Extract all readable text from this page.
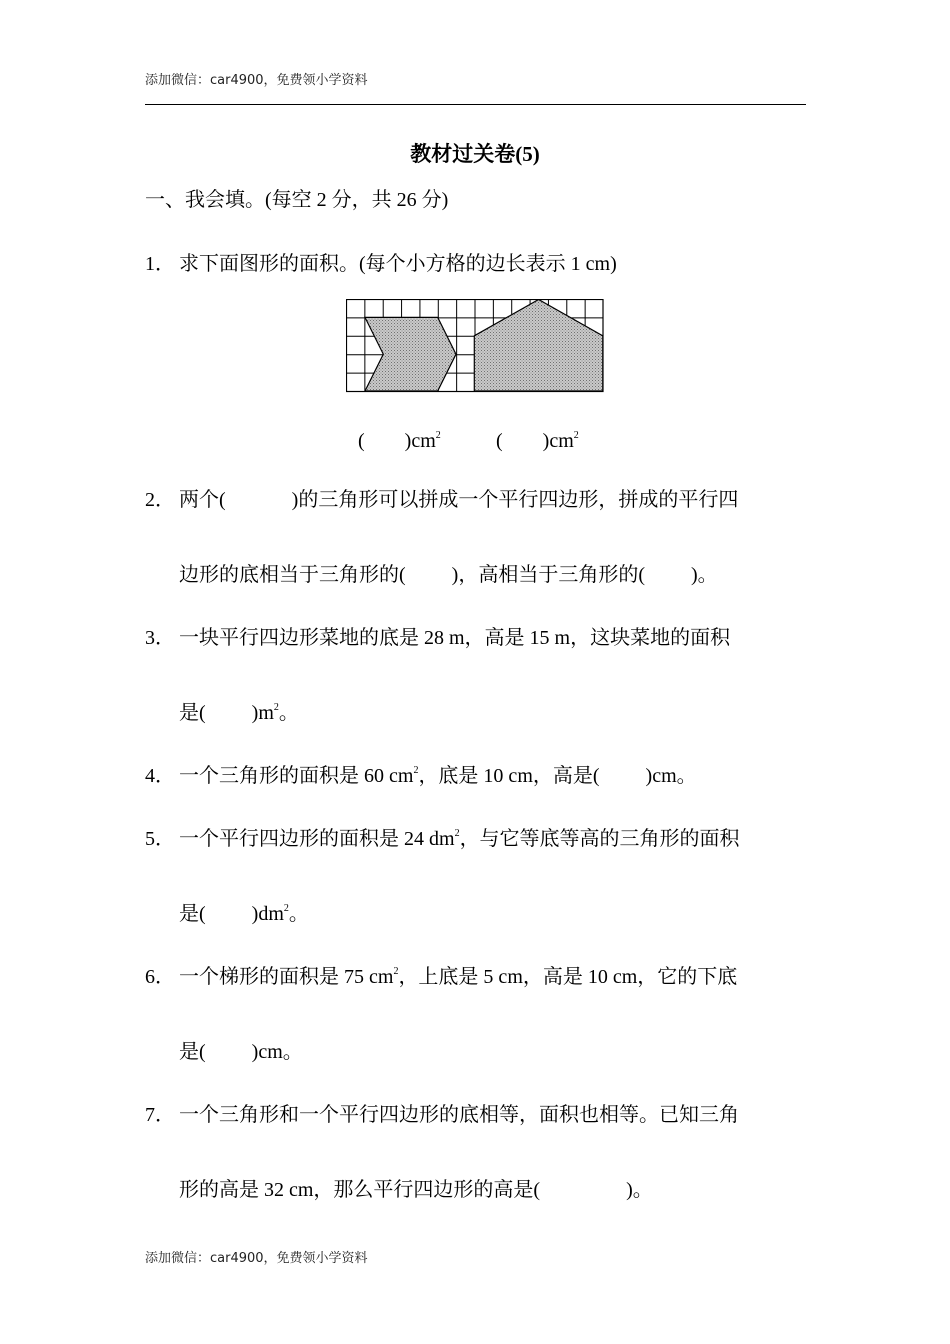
添加微信：car4900，免费领小学资料
教材过关卷(5)
一、我会填。(每空 2 分，共 26 分)
1． 求下面图形的面积。(每个小方格的边长表示 1 cm)
(　　)$cm^2$	(　　)$cm^2$
2． 两个(	)的三角形可以拼成一个平行四边形，拼成的平行四
边形的底相当于三角形的( )，高相当于三角形的( )。
3． 一块平行四边形菜地的底是 28 m，高是 15 m，这块菜地的面积
是( )$m^2$。
4． 一个三角形的面积是 60 $cm^2$，底是 10 cm，高是( )cm。
5． 一个平行四边形的面积是 24 $dm^2$，与它等底等高的三角形的面积
是( )$dm^2$。
6． 一个梯形的面积是 75 $cm^2$，上底是 5 cm，高是 10 cm，它的下底
是( )cm。
7． 一个三角形和一个平行四边形的底相等，面积也相等。已知三角
形的高是 32 cm，那么平行四边形的高是(	)。
添加微信：car4900，免费领小学资料
